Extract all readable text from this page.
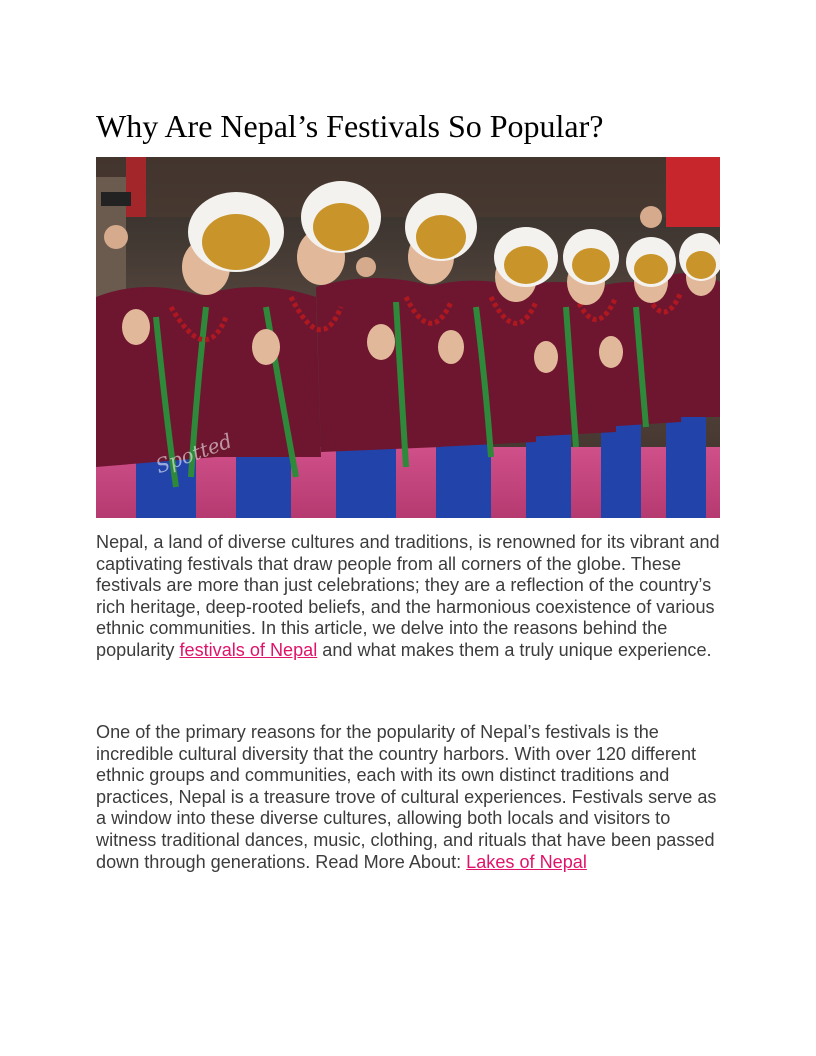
Why Are Nepal’s Festivals So Popular?
Spotted

Nepal, a land of diverse cultures and traditions, is renowned for its vibrant and captivating festivals that draw people from all corners of the globe. These festivals are more than just celebrations; they are a reflection of the country’s rich heritage, deep-rooted beliefs, and the harmonious coexistence of various ethnic communities. In this article, we delve into the reasons behind the popularity festivals of Nepal and what makes them a truly unique experience.

One of the primary reasons for the popularity of Nepal’s festivals is the incredible cultural diversity that the country harbors. With over 120 different ethnic groups and communities, each with its own distinct traditions and practices, Nepal is a treasure trove of cultural experiences. Festivals serve as a window into these diverse cultures, allowing both locals and visitors to witness traditional dances, music, clothing, and rituals that have been passed down through generations. Read More About: Lakes of Nepal
